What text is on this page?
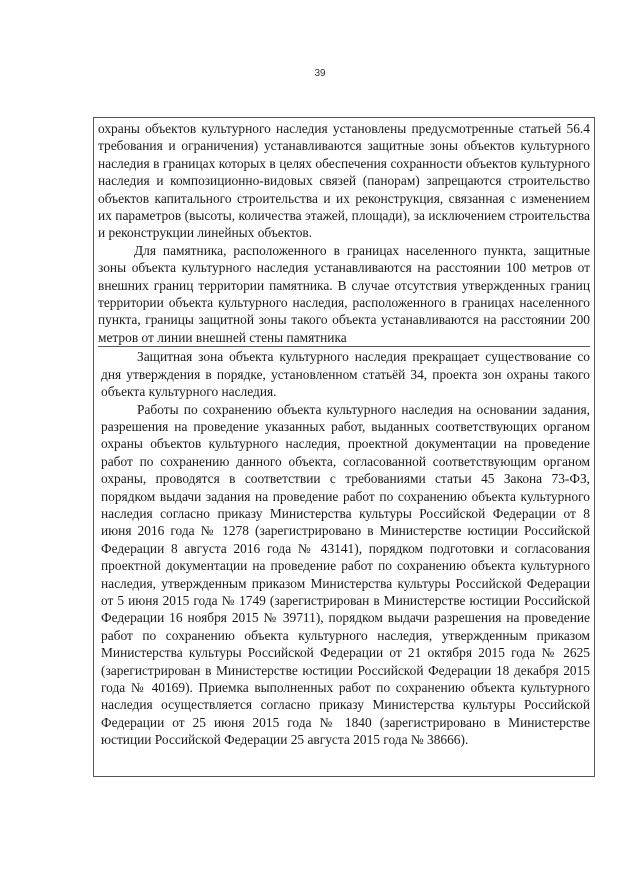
39

охраны объектов культурного наследия установлены предусмотренные статьей 56.4 требования и ограничения) устанавливаются защитные зоны объектов культурного наследия в границах которых в целях обеспечения сохранности объектов культурного наследия и композиционно-видовых связей (панорам) запрещаются строительство объектов капитального строительства и их реконструкция, связанная с изменением их параметров (высоты, количества этажей, площади), за исключением строительства и реконструкции линейных объектов.

Для памятника, расположенного в границах населенного пункта, защитные зоны объекта культурного наследия устанавливаются на расстоянии 100 метров от внешних границ территории памятника. В случае отсутствия утвержденных границ территории объекта культурного наследия, расположенного в границах населенного пункта, границы защитной зоны такого объекта устанавливаются на расстоянии 200 метров от линии внешней стены памятника

Защитная зона объекта культурного наследия прекращает существование со дня утверждения в порядке, установленном статьёй 34, проекта зон охраны такого объекта культурного наследия.

Работы по сохранению объекта культурного наследия на основании задания, разрешения на проведение указанных работ, выданных соответствующих органом охраны объектов культурного наследия, проектной документации на проведение работ по сохранению данного объекта, согласованной соответствующим органом охраны, проводятся в соответствии с требованиями статьи 45 Закона 73-ФЗ, порядком выдачи задания на проведение работ по сохранению объекта культурного наследия согласно приказу Министерства культуры Российской Федерации от 8 июня 2016 года № 1278 (зарегистрировано в Министерстве юстиции Российской Федерации 8 августа 2016 года № 43141), порядком подготовки и согласования проектной документации на проведение работ по сохранению объекта культурного наследия, утвержденным приказом Министерства культуры Российской Федерации от 5 июня 2015 года № 1749 (зарегистрирован в Министерстве юстиции Российской Федерации 16 ноября 2015 № 39711), порядком выдачи разрешения на проведение работ по сохранению объекта культурного наследия, утвержденным приказом Министерства культуры Российской Федерации от 21 октября 2015 года № 2625 (зарегистрирован в Министерстве юстиции Российской Федерации 18 декабря 2015 года № 40169). Приемка выполненных работ по сохранению объекта культурного наследия осуществляется согласно приказу Министерства культуры Российской Федерации от 25 июня 2015 года № 1840 (зарегистрировано в Министерстве юстиции Российской Федерации 25 августа 2015 года № 38666).
